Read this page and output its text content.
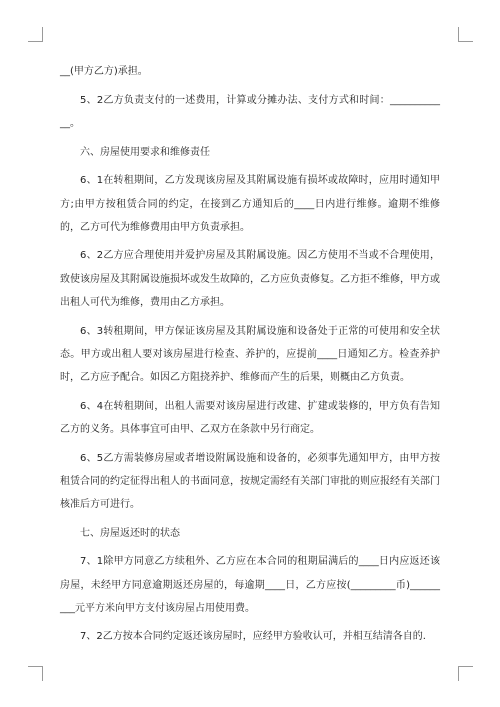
__(甲方乙方)承担。

5、2乙方负责支付的一述费用，计算或分摊办法、支付方式和时间：__________ __。

六、房屋使用要求和维修责任

6、1在转租期间，乙方发现该房屋及其附属设施有损坏或故障时，应用时通知甲方;由甲方按租赁合同的约定，在接到乙方通知后的____日内进行维修。逾期不维修的，乙方可代为维修费用由甲方负责承担。

6、2乙方应合理使用并爱护房屋及其附属设施。因乙方使用不当或不合理使用，致使该房屋及其附属设施损坏或发生故障的，乙方应负责修复。乙方拒不维修，甲方或出租人可代为维修，费用由乙方承担。

6、3转租期间，甲方保证该房屋及其附属设施和设备处于正常的可使用和安全状态。甲方或出租人要对该房屋进行检查、养护的，应提前____日通知乙方。检查养护时，乙方应予配合。如因乙方阻挠养护、维修而产生的后果，则概由乙方负责。

6、4在转租期间，出租人需要对该房屋进行改建、扩建或装修的，甲方负有告知乙方的义务。具体事宜可由甲、乙双方在条款中另行商定。

6、5乙方需装修房屋或者增设附属设施和设备的，必须事先通知甲方，由甲方按租赁合同的约定征得出租人的书面同意，按规定需经有关部门审批的则应报经有关部门核准后方可进行。

七、房屋返还时的状态

7、1除甲方同意乙方续租外、乙方应在本合同的租期届满后的____日内应返还该房屋，未经甲方同意逾期返还房屋的，每逾期____日，乙方应按(_________币)______ ___元平方米向甲方支付该房屋占用使用费。

7、2乙方按本合同约定返还该房屋时，应经甲方验收认可，并相互结清各自的.
